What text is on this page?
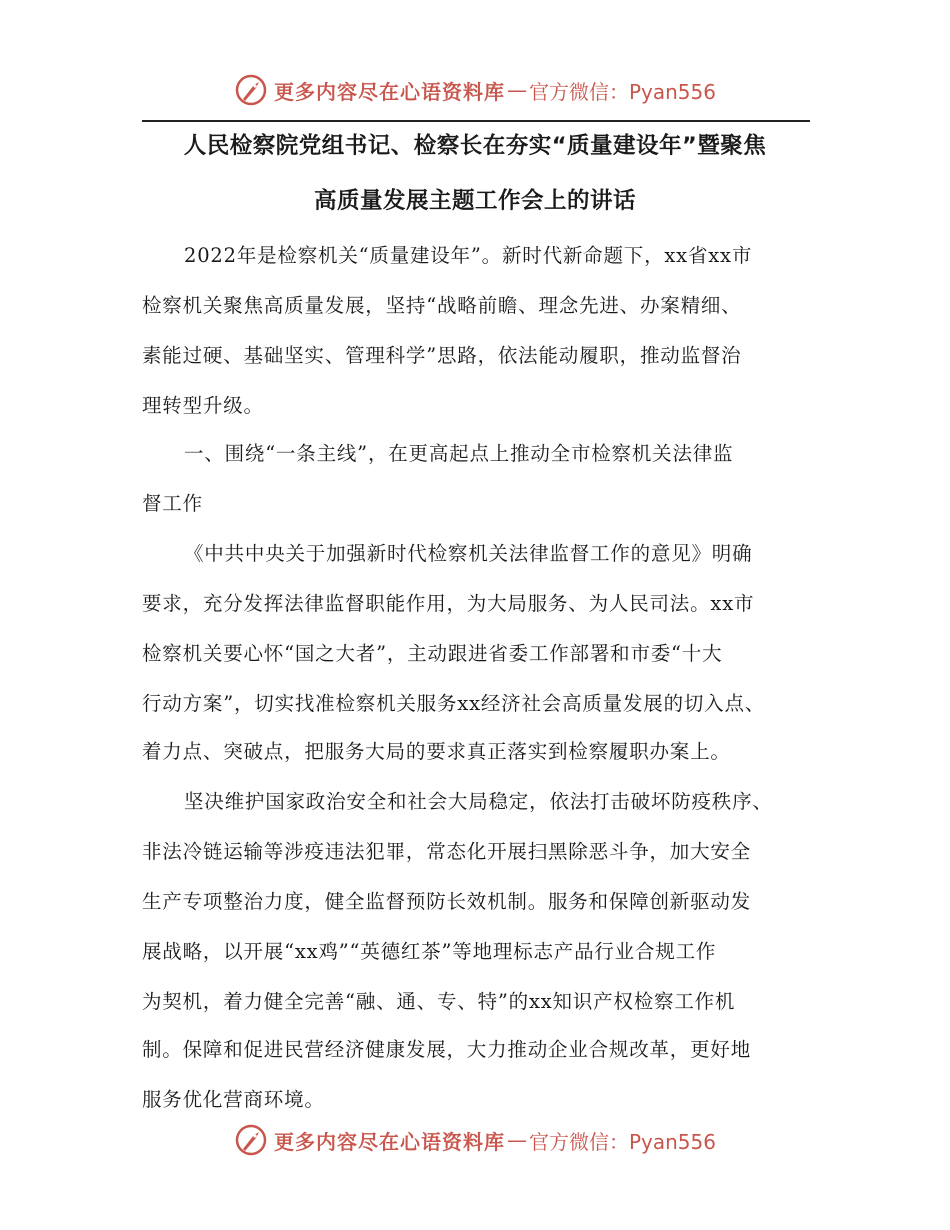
更多内容尽在心语资料库 — 官方微信：Pyan556
人民检察院党组书记、检察长在夯实“质量建设年”暨聚焦
高质量发展主题工作会上的讲话
2022年是检察机关“质量建设年”。新时代新命题下，xx省xx市
检察机关聚焦高质量发展，坚持“战略前瞻、理念先进、办案精细、
素能过硬、基础坚实、管理科学”思路，依法能动履职，推动监督治
理转型升级。
一、围绕“一条主线”，在更高起点上推动全市检察机关法律监
督工作
《中共中央关于加强新时代检察机关法律监督工作的意见》明确
要求，充分发挥法律监督职能作用，为大局服务、为人民司法。xx市
检察机关要心怀“国之大者”，主动跟进省委工作部署和市委“十大
行动方案”，切实找准检察机关服务xx经济社会高质量发展的切入点、
着力点、突破点，把服务大局的要求真正落实到检察履职办案上。
坚决维护国家政治安全和社会大局稳定，依法打击破坏防疫秩序、
非法冷链运输等涉疫违法犯罪，常态化开展扫黑除恶斗争，加大安全
生产专项整治力度，健全监督预防长效机制。服务和保障创新驱动发
展战略，以开展“xx鸡”“英德红茶”等地理标志产品行业合规工作
为契机，着力健全完善“融、通、专、特”的xx知识产权检察工作机
制。保障和促进民营经济健康发展，大力推动企业合规改革，更好地
服务优化营商环境。
更多内容尽在心语资料库 — 官方微信：Pyan556
